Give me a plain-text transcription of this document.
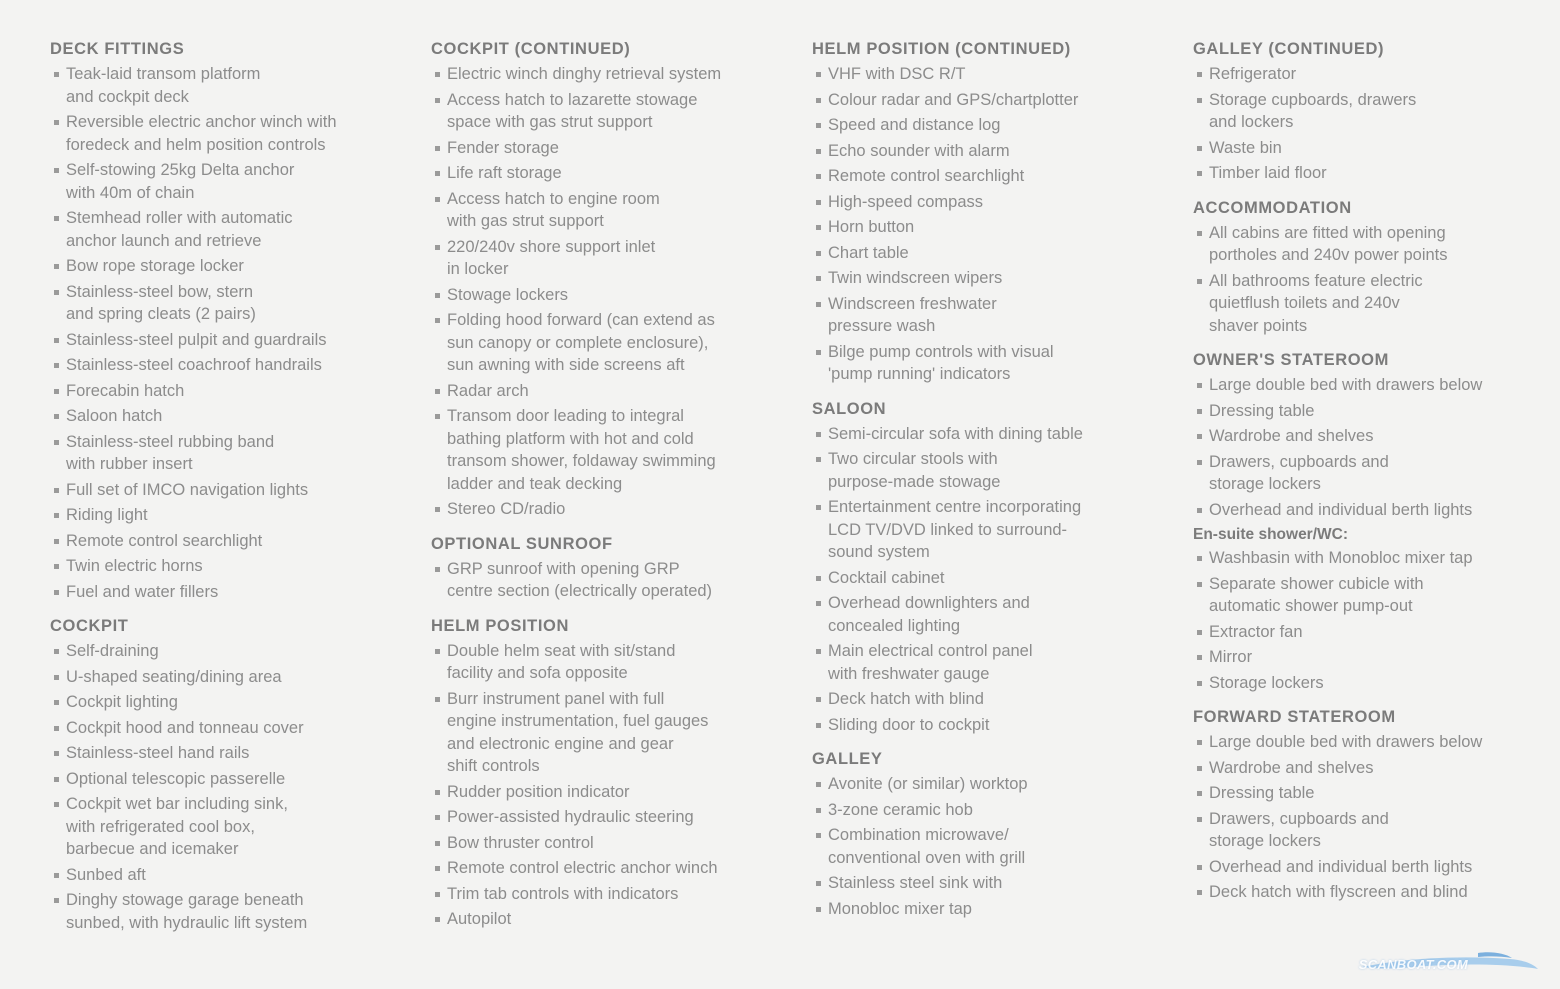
DECK FITTINGS
Teak-laid transom platform
and cockpit deck
Reversible electric anchor winch with
foredeck and helm position controls
Self-stowing 25kg Delta anchor
with 40m of chain
Stemhead roller with automatic
anchor launch and retrieve
Bow rope storage locker
Stainless-steel bow, stern
and spring cleats (2 pairs)
Stainless-steel pulpit and guardrails
Stainless-steel coachroof handrails
Forecabin hatch
Saloon hatch
Stainless-steel rubbing band
with rubber insert
Full set of IMCO navigation lights
Riding light
Remote control searchlight
Twin electric horns
Fuel and water fillers
COCKPIT
Self-draining
U-shaped seating/dining area
Cockpit lighting
Cockpit hood and tonneau cover
Stainless-steel hand rails
Optional telescopic passerelle
Cockpit wet bar including sink,
with refrigerated cool box,
barbecue and icemaker
Sunbed aft
Dinghy stowage garage beneath
sunbed, with hydraulic lift system
COCKPIT (CONTINUED)
Electric winch dinghy retrieval system
Access hatch to lazarette stowage
space with gas strut support
Fender storage
Life raft storage
Access hatch to engine room
with gas strut support
220/240v shore support inlet
in locker
Stowage lockers
Folding hood forward (can extend as
sun canopy or complete enclosure),
sun awning with side screens aft
Radar arch
Transom door leading to integral
bathing platform with hot and cold
transom shower, foldaway swimming
ladder and teak decking
Stereo CD/radio
OPTIONAL SUNROOF
GRP sunroof with opening GRP
centre section (electrically operated)
HELM POSITION
Double helm seat with sit/stand
facility and sofa opposite
Burr instrument panel with full
engine instrumentation, fuel gauges
and electronic engine and gear
shift controls
Rudder position indicator
Power-assisted hydraulic steering
Bow thruster control
Remote control electric anchor winch
Trim tab controls with indicators
Autopilot
HELM POSITION (CONTINUED)
VHF with DSC R/T
Colour radar and GPS/chartplotter
Speed and distance log
Echo sounder with alarm
Remote control searchlight
High-speed compass
Horn button
Chart table
Twin windscreen wipers
Windscreen freshwater
pressure wash
Bilge pump controls with visual
'pump running' indicators
SALOON
Semi-circular sofa with dining table
Two circular stools with
purpose-made stowage
Entertainment centre incorporating
LCD TV/DVD linked to surround-
sound system
Cocktail cabinet
Overhead downlighters and
concealed lighting
Main electrical control panel
with freshwater gauge
Deck hatch with blind
Sliding door to cockpit
GALLEY
Avonite (or similar) worktop
3-zone ceramic hob
Combination microwave/
conventional oven with grill
Stainless steel sink with
Monobloc mixer tap
GALLEY (CONTINUED)
Refrigerator
Storage cupboards, drawers
and lockers
Waste bin
Timber laid floor
ACCOMMODATION
All cabins are fitted with opening
portholes and 240v power points
All bathrooms feature electric
quietflush toilets and 240v
shaver points
OWNER'S STATEROOM
Large double bed with drawers below
Dressing table
Wardrobe and shelves
Drawers, cupboards and
storage lockers
Overhead and individual berth lights
En-suite shower/WC:
Washbasin with Monobloc mixer tap
Separate shower cubicle with
automatic shower pump-out
Extractor fan
Mirror
Storage lockers
FORWARD STATEROOM
Large double bed with drawers below
Wardrobe and shelves
Dressing table
Drawers, cupboards and
storage lockers
Overhead and individual berth lights
Deck hatch with flyscreen and blind
SCANBOAT.COM
